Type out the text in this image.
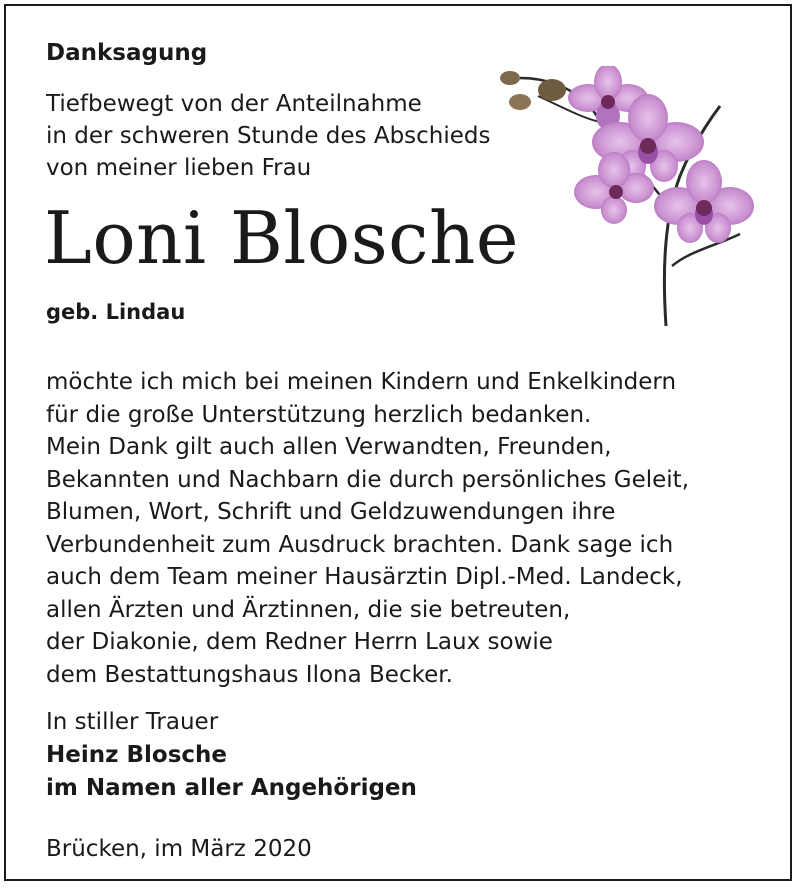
Danksagung
Tiefbewegt von der Anteilnahme
in der schweren Stunde des Abschieds
von meiner lieben Frau
Loni Blosche
geb. Lindau
möchte ich mich bei meinen Kindern und Enkelkindern
für die große Unterstützung herzlich bedanken.
Mein Dank gilt auch allen Verwandten, Freunden,
Bekannten und Nachbarn die durch persönliches Geleit,
Blumen, Wort, Schrift und Geldzuwendungen ihre
Verbundenheit zum Ausdruck brachten. Dank sage ich
auch dem Team meiner Hausärztin Dipl.-Med. Landeck,
allen Ärzten und Ärztinnen, die sie betreuten,
der Diakonie, dem Redner Herrn Laux sowie
dem Bestattungshaus Ilona Becker.
In stiller Trauer
Heinz Blosche
im Namen aller Angehörigen
Brücken, im März 2020
